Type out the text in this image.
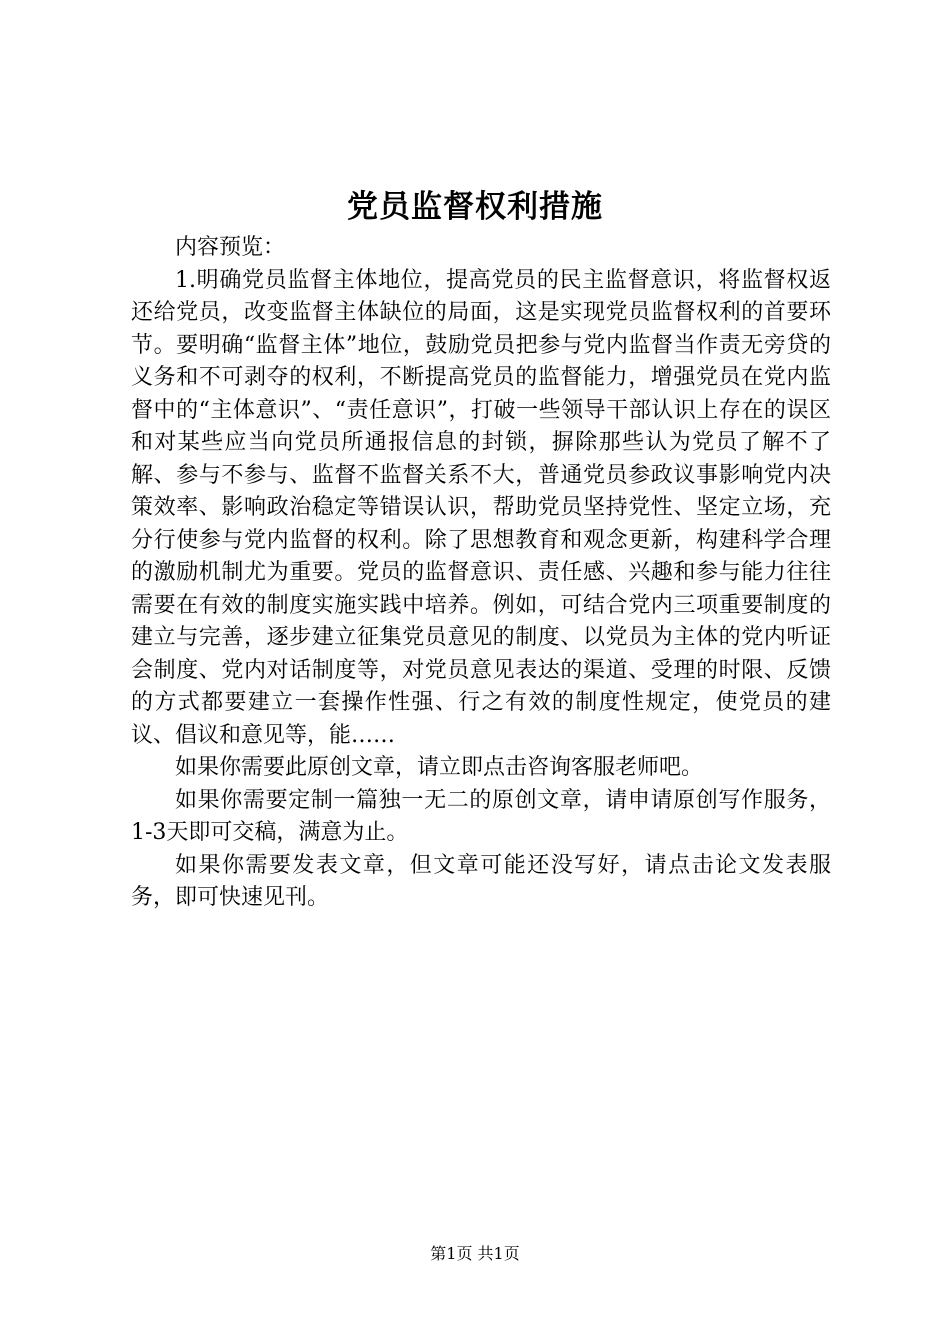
党员监督权利措施

内容预览：

1.明确党员监督主体地位，提高党员的民主监督意识，将监督权返还给党员，改变监督主体缺位的局面，这是实现党员监督权利的首要环节。要明确“监督主体”地位，鼓励党员把参与党内监督当作责无旁贷的义务和不可剥夺的权利，不断提高党员的监督能力，增强党员在党内监督中的“主体意识”、“责任意识”，打破一些领导干部认识上存在的误区和对某些应当向党员所通报信息的封锁，摒除那些认为党员了解不了解、参与不参与、监督不监督关系不大，普通党员参政议事影响党内决策效率、影响政治稳定等错误认识，帮助党员坚持党性、坚定立场，充分行使参与党内监督的权利。除了思想教育和观念更新，构建科学合理的激励机制尤为重要。党员的监督意识、责任感、兴趣和参与能力往往需要在有效的制度实施实践中培养。例如，可结合党内三项重要制度的建立与完善，逐步建立征集党员意见的制度、以党员为主体的党内听证会制度、党内对话制度等，对党员意见表达的渠道、受理的时限、反馈的方式都要建立一套操作性强、行之有效的制度性规定，使党员的建议、倡议和意见等，能……

如果你需要此原创文章，请立即点击咨询客服老师吧。

如果你需要定制一篇独一无二的原创文章，请申请原创写作服务，1-3天即可交稿，满意为止。

如果你需要发表文章，但文章可能还没写好，请点击论文发表服务，即可快速见刊。

第1页 共1页
